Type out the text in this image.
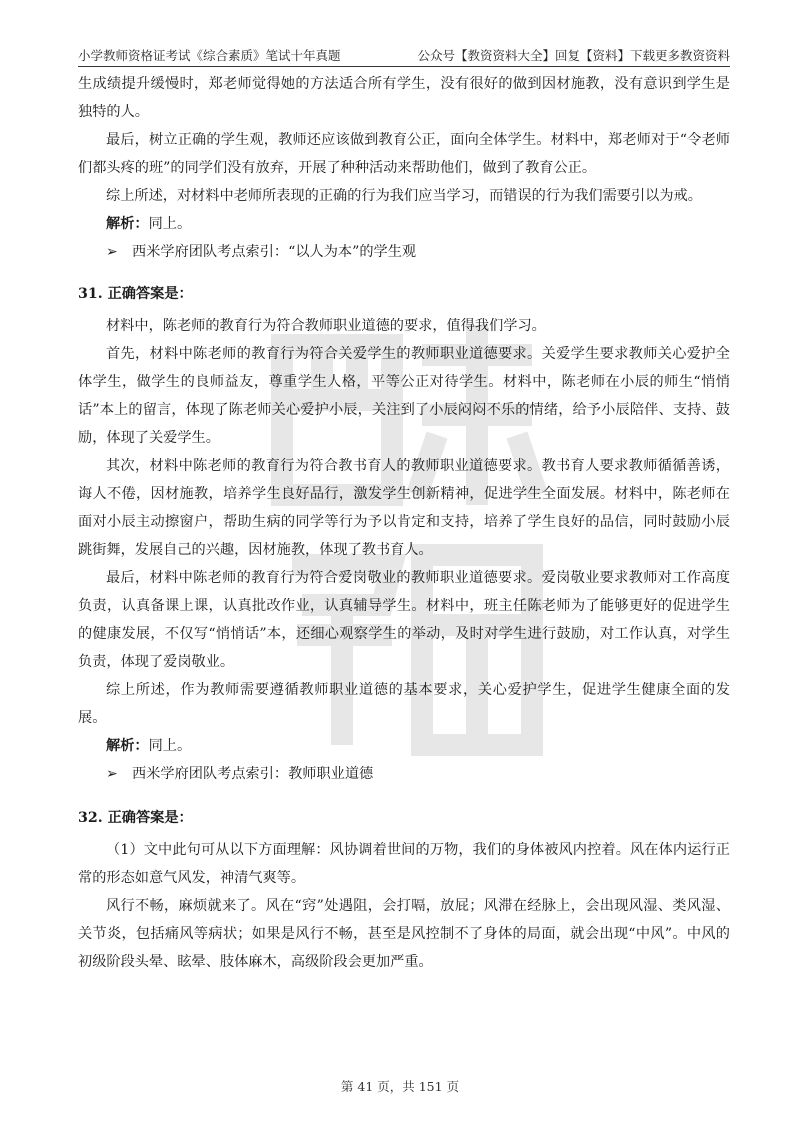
小学教师资格证考试《综合素质》笔试十年真题	公众号【教资资料大全】回复【资料】下载更多教资资料

生成绩提升缓慢时，郑老师觉得她的方法适合所有学生，没有很好的做到因材施教，没有意识到学生是独特的人。

最后，树立正确的学生观，教师还应该做到教育公正，面向全体学生。材料中，郑老师对于“令老师们都头疼的班”的同学们没有放弃，开展了种种活动来帮助他们，做到了教育公正。

综上所述，对材料中老师所表现的正确的行为我们应当学习，而错误的行为我们需要引以为戒。

解析：同上。

➢ 西米学府团队考点索引：“以人为本”的学生观

31. 正确答案是：

材料中，陈老师的教育行为符合教师职业道德的要求，值得我们学习。

首先，材料中陈老师的教育行为符合关爱学生的教师职业道德要求。关爱学生要求教师关心爱护全体学生，做学生的良师益友，尊重学生人格，平等公正对待学生。材料中，陈老师在小辰的师生“悄悄话”本上的留言，体现了陈老师关心爱护小辰，关注到了小辰闷闷不乐的情绪，给予小辰陪伴、支持、鼓励，体现了关爱学生。

其次，材料中陈老师的教育行为符合教书育人的教师职业道德要求。教书育人要求教师循循善诱，诲人不倦，因材施教，培养学生良好品行，激发学生创新精神，促进学生全面发展。材料中，陈老师在面对小辰主动擦窗户，帮助生病的同学等行为予以肯定和支持，培养了学生良好的品信，同时鼓励小辰跳街舞，发展自己的兴趣，因材施教，体现了教书育人。

最后，材料中陈老师的教育行为符合爱岗敬业的教师职业道德要求。爱岗敬业要求教师对工作高度负责，认真备课上课，认真批改作业，认真辅导学生。材料中，班主任陈老师为了能够更好的促进学生的健康发展，不仅写“悄悄话”本，还细心观察学生的举动，及时对学生进行鼓励，对工作认真，对学生负责，体现了爱岗敬业。

综上所述，作为教师需要遵循教师职业道德的基本要求，关心爱护学生，促进学生健康全面的发展。

解析：同上。

➢ 西米学府团队考点索引：教师职业道德

32. 正确答案是：

（1）文中此句可从以下方面理解：风协调着世间的万物，我们的身体被风内控着。风在体内运行正常的形态如意气风发，神清气爽等。

风行不畅，麻烦就来了。风在“窍”处遇阻，会打嗝，放屁；风滞在经脉上，会出现风湿、类风湿、关节炎，包括痛风等病状；如果是风行不畅，甚至是风控制不了身体的局面，就会出现“中风”。中风的初级阶段头晕、眩晕、肢体麻木，高级阶段会更加严重。

第 41 页，共 151 页
